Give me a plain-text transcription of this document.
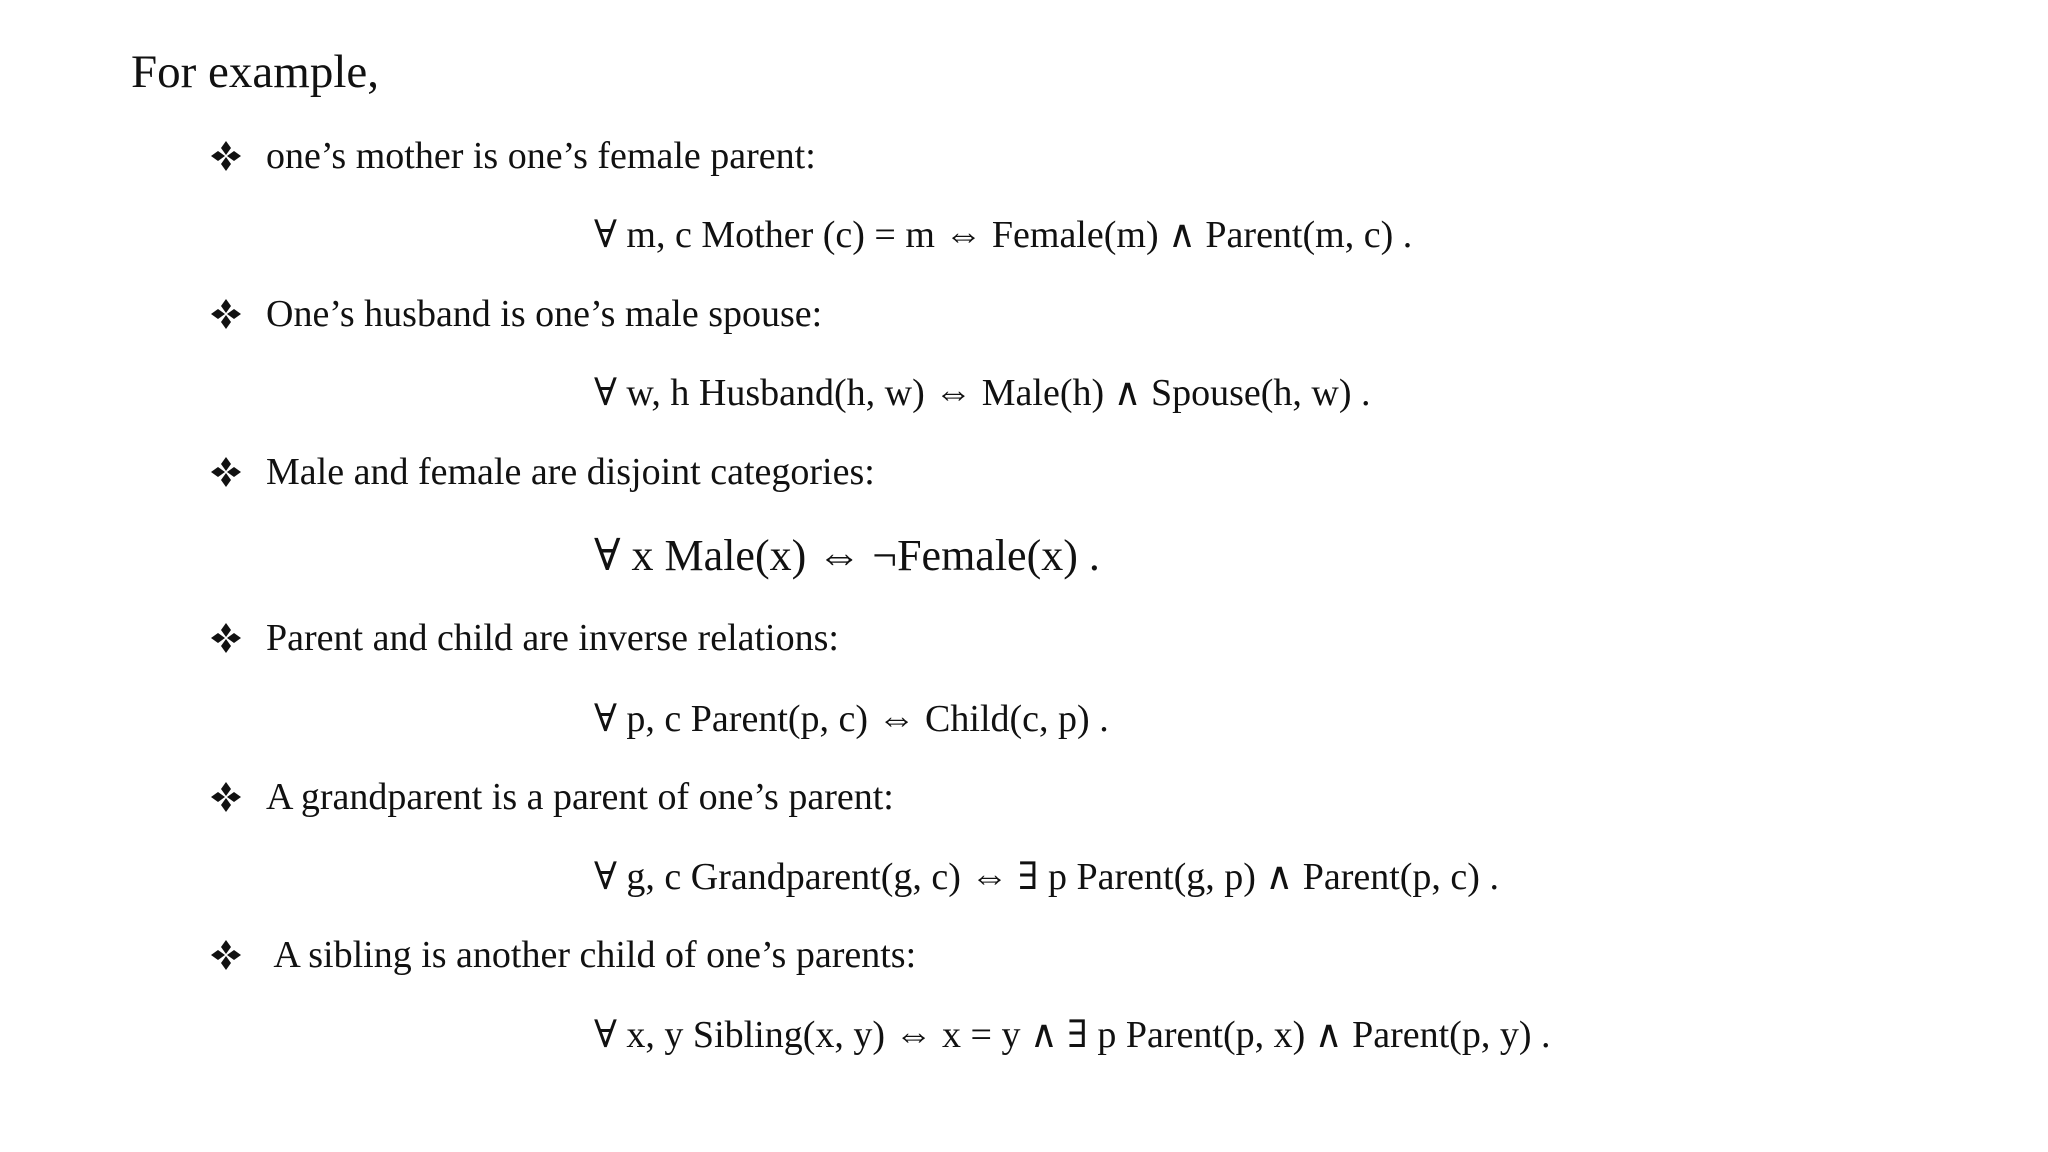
For example,
one’s mother is one’s female parent:
∀ m, c Mother (c) = m ⇔ Female(m) ∧ Parent(m, c) .
One’s husband is one’s male spouse:
∀ w, h Husband(h, w) ⇔ Male(h) ∧ Spouse(h, w) .
Male and female are disjoint categories:
∀ x Male(x) ⇔ ¬Female(x) .
Parent and child are inverse relations:
∀ p, c Parent(p, c) ⇔ Child(c, p) .
A grandparent is a parent of one’s parent:
∀ g, c Grandparent(g, c) ⇔ ∃ p Parent(g, p) ∧ Parent(p, c) .
A sibling is another child of one’s parents:
∀ x, y Sibling(x, y) ⇔ x = y ∧ ∃ p Parent(p, x) ∧ Parent(p, y) .
